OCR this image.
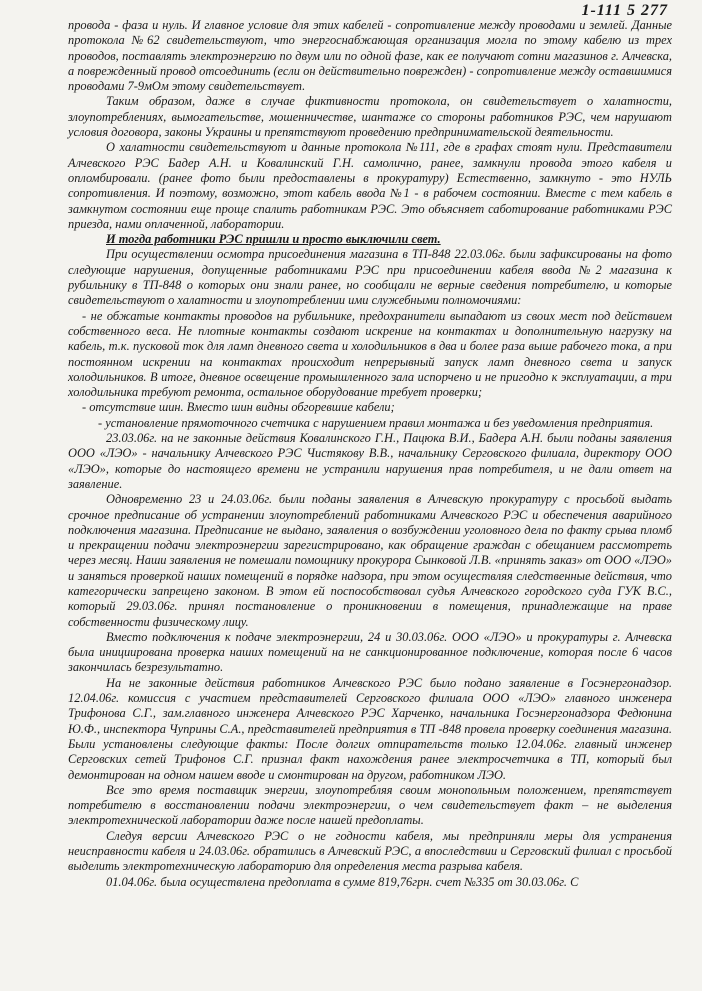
1-111 5 277

провода - фаза и нуль. И главное условие для этих кабелей - сопротивление между проводами и землей. Данные протокола №62 свидетельствуют, что энергоснабжающая организация могла по этому кабелю из трех проводов, поставлять электроэнергию по двум или по одной фазе, как ее получают сотни магазинов г. Алчевска, а поврежденный провод отсоединить (если он действительно поврежден) - сопротивление между оставшимися проводами 7-9мОм этому свидетельствует.

Таким образом, даже в случае фиктивности протокола, он свидетельствует о халатности, злоупотреблениях, вымогательстве, мошенничестве, шантаже со стороны работников РЭС, чем нарушают условия договора, законы Украины и препятствуют проведению предпринимательской деятельности.

О халатности свидетельствуют и данные протокола №111, где в графах стоят нули. Представители Алчевского РЭС Бадер А.Н. и Ковалинский Г.Н. самолично, ранее, замкнули провода этого кабеля и опломбировали. (ранее фото были предоставлены в прокуратуру) Естественно, замкнуто - это НУЛЬ сопротивления. И поэтому, возможно, этот кабель ввода №1 - в рабочем состоянии. Вместе с тем кабель в замкнутом состоянии еще проще спалить работникам РЭС. Это объясняет саботирование работниками РЭС приезда, нами оплаченной, лаборатории.

И тогда работники РЭС пришли и просто выключили свет.

При осуществлении осмотра присоединения магазина в ТП-848 22.03.06г. были зафиксированы на фото следующие нарушения, допущенные работниками РЭС при присоединении кабеля ввода №2 магазина к рубильнику в ТП-848 о которых они знали ранее, но сообщали не верные сведения потребителю, и которые свидетельствуют о халатности и злоупотреблении ими служебными полномочиями:

- не обжатые контакты проводов на рубильнике, предохранители выпадают из своих мест под действием собственного веса. Не плотные контакты создают искрение на контактах и дополнительную нагрузку на кабель, т.к. пусковой ток для ламп дневного света и холодильников в два и более раза выше рабочего тока, а при постоянном искрении на контактах происходит непрерывный запуск ламп дневного света и запуск холодильников. В итоге, дневное освещение промышленного зала испорчено и не пригодно к эксплуатации, а три холодильника требуют ремонта, остальное оборудование требует проверки;

- отсутствие шин. Вместо шин видны обгоревшие кабели;

- установление прямоточного счетчика с нарушением правил монтажа и без уведомления предприятия.

23.03.06г. на не законные действия Ковалинского Г.Н., Пацюка В.И., Бадера А.Н. были поданы заявления ООО «ЛЭО» - начальнику Алчевского РЭС Чистякову В.В., начальнику Серговского филиала, директору ООО «ЛЭО», которые до настоящего времени не устранили нарушения прав потребителя, и не дали ответ на заявление.

Одновременно 23 и 24.03.06г. были поданы заявления в Алчевскую прокуратуру с просьбой выдать срочное предписание об устранении злоупотреблений работниками Алчевского РЭС и обеспечения аварийного подключения магазина. Предписание не выдано, заявления о возбуждении уголовного дела по факту срыва пломб и прекращении подачи электроэнергии зарегистрировано, как обращение граждан с обещанием рассмотреть через месяц. Наши заявления не помешали помощнику прокурора Сынковой Л.В. «принять заказ» от ООО «ЛЭО» и заняться проверкой наших помещений в порядке надзора, при этом осуществляя следственные действия, что категорически запрещено законом. В этом ей поспособствовал судья Алчевского городского суда ГУК В.С., который 29.03.06г. принял постановление о проникновении в помещения, принадлежащие на праве собственности физическому лицу.

Вместо подключения к подаче электроэнергии, 24 и 30.03.06г. ООО «ЛЭО» и прокуратуры г. Алчевска была инициирована проверка наших помещений на не санкционированное подключение, которая после 6 часов закончилась безрезультатно.

На не законные действия работников Алчевского РЭС было подано заявление в Госэнергонадзор. 12.04.06г. комиссия с участием представителей Серговского филиала ООО «ЛЭО» главного инженера Трифонова С.Г., зам.главного инженера Алчевского РЭС Харченко, начальника Госэнергонадзора Федюнина Ю.Ф., инспектора Чуприны С.А., представителей предприятия в ТП -848 провела проверку соединения магазина. Были установлены следующие факты: После долгих отпирательств только 12.04.06г. главный инженер Серговских сетей Трифонов С.Г. признал факт нахождения ранее электросчетчика в ТП, который был демонтирован на одном нашем вводе и смонтирован на другом, работником ЛЭО.

Все это время поставщик энергии, злоупотребляя своим монопольным положением, препятствует потребителю в восстановлении подачи электроэнергии, о чем свидетельствует факт – не выделения электротехнической лаборатории даже после нашей предоплаты.

Следуя версии Алчевского РЭС о не годности кабеля, мы предприняли меры для устранения неисправности кабеля и 24.03.06г. обратились в Алчевский РЭС, а впоследствии и Серговский филиал с просьбой выделить электротехническую лабораторию для определения места разрыва кабеля.

01.04.06г. была осуществлена предоплата в сумме 819,76грн. счет №335 от 30.03.06г. С
